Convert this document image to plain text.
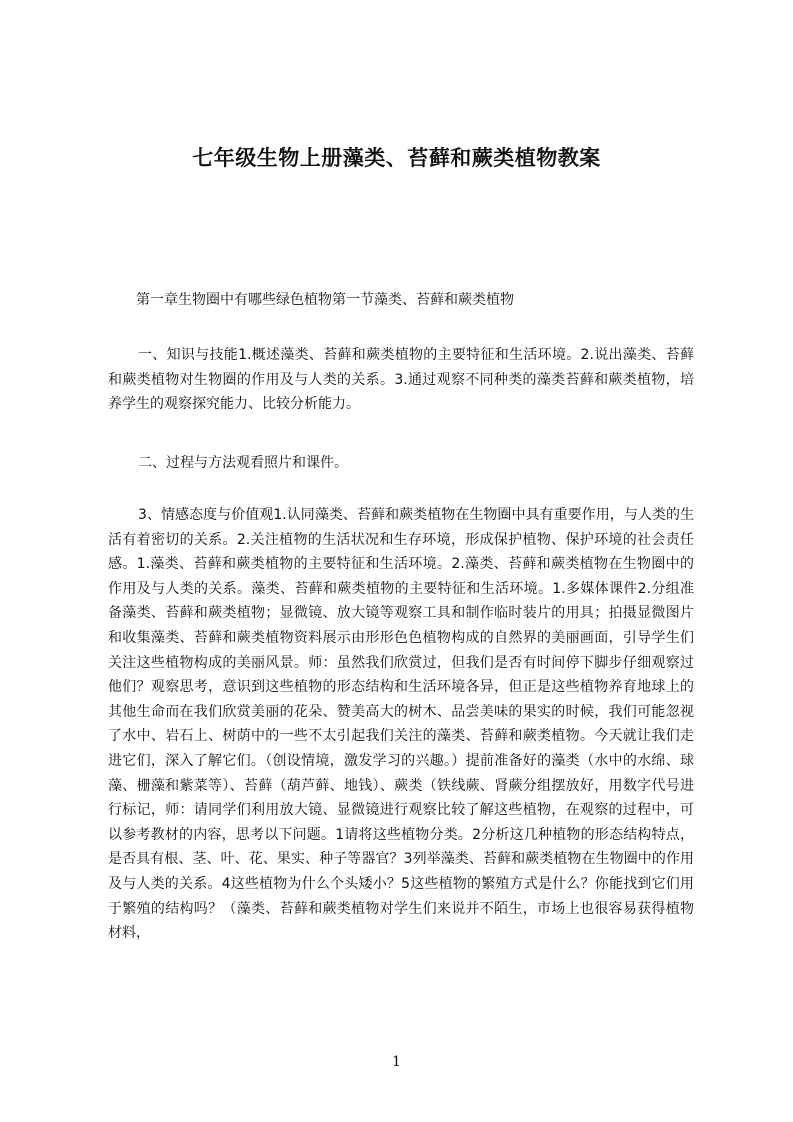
七年级生物上册藻类、苔藓和蕨类植物教案

第一章生物圈中有哪些绿色植物第一节藻类、苔藓和蕨类植物

一、知识与技能1.概述藻类、苔藓和蕨类植物的主要特征和生活环境。2.说出藻类、苔藓和蕨类植物对生物圈的作用及与人类的关系。3.通过观察不同种类的藻类苔藓和蕨类植物，培养学生的观察探究能力、比较分析能力。

二、过程与方法观看照片和课件。

3、情感态度与价值观1.认同藻类、苔藓和蕨类植物在生物圈中具有重要作用，与人类的生活有着密切的关系。2.关注植物的生活状况和生存环境，形成保护植物、保护环境的社会责任感。1.藻类、苔藓和蕨类植物的主要特征和生活环境。2.藻类、苔藓和蕨类植物在生物圈中的作用及与人类的关系。藻类、苔藓和蕨类植物的主要特征和生活环境。1.多媒体课件2.分组准备藻类、苔藓和蕨类植物；显微镜、放大镜等观察工具和制作临时装片的用具；拍摄显微图片和收集藻类、苔藓和蕨类植物资料展示由形形色色植物构成的自然界的美丽画面，引导学生们关注这些植物构成的美丽风景。师：虽然我们欣赏过，但我们是否有时间停下脚步仔细观察过他们？观察思考，意识到这些植物的形态结构和生活环境各异，但正是这些植物养育地球上的其他生命而在我们欣赏美丽的花朵、赞美高大的树木、品尝美味的果实的时候，我们可能忽视了水中、岩石上、树荫中的一些不太引起我们关注的藻类、苔藓和蕨类植物。今天就让我们走进它们，深入了解它们。（创设情境，激发学习的兴趣。）提前准备好的藻类（水中的水绵、球藻、栅藻和紫菜等）、苔藓（葫芦藓、地钱）、蕨类（铁线蕨、肾蕨分组摆放好，用数字代号进行标记，师：请同学们利用放大镜、显微镜进行观察比较了解这些植物，在观察的过程中，可以参考教材的内容，思考以下问题。1请将这些植物分类。2分析这几种植物的形态结构特点，是否具有根、茎、叶、花、果实、种子等器官？3列举藻类、苔藓和蕨类植物在生物圈中的作用及与人类的关系。4这些植物为什么个头矮小？5这些植物的繁殖方式是什么？你能找到它们用于繁殖的结构吗？（藻类、苔藓和蕨类植物对学生们来说并不陌生，市场上也很容易获得植物材料，

1
